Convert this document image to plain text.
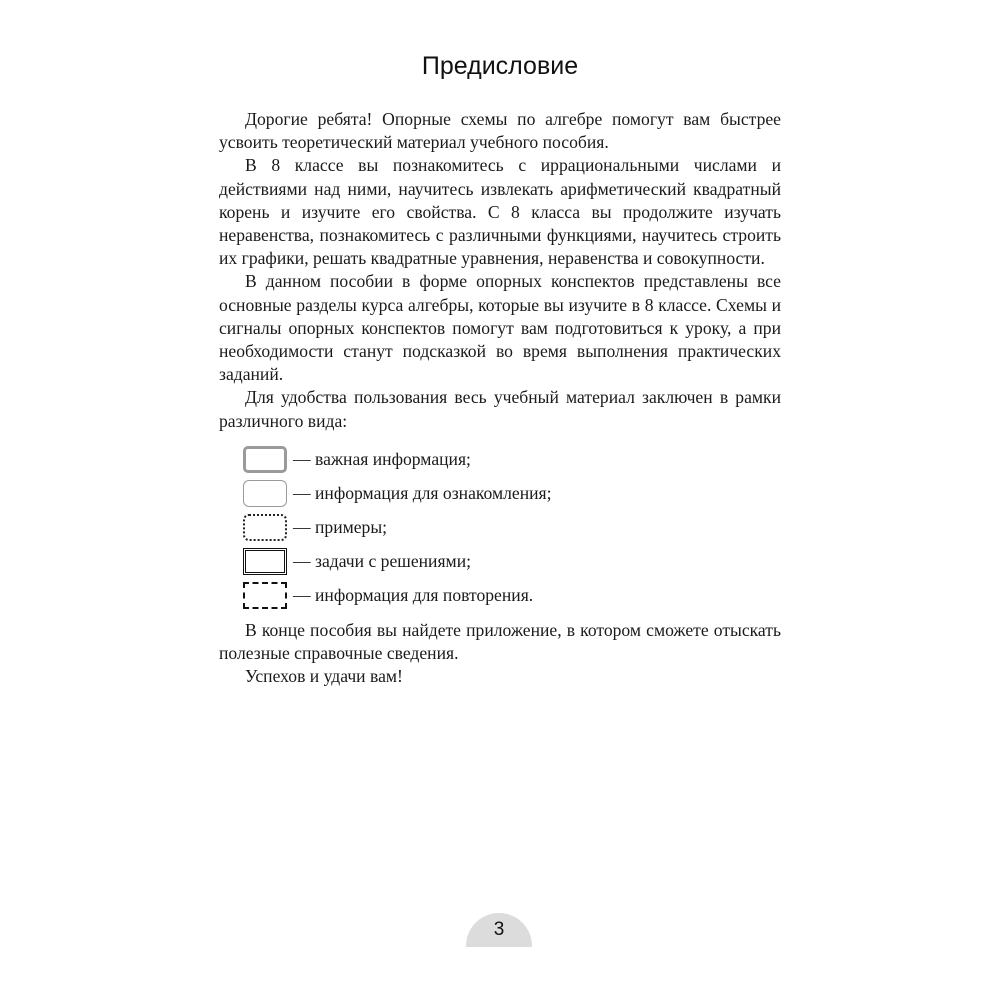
Предисловие

Дорогие ребята! Опорные схемы по алгебре помогут вам быстрее усвоить теоретический материал учебного пособия.

В 8 классе вы познакомитесь с иррациональными числами и действиями над ними, научитесь извлекать арифметический квадратный корень и изучите его свойства. С 8 класса вы продолжите изучать неравенства, познакомитесь с различными функциями, научитесь строить их графики, решать квадратные уравнения, неравенства и совокупности.

В данном пособии в форме опорных конспектов представлены все основные разделы курса алгебры, которые вы изучите в 8 классе. Схемы и сигналы опорных конспектов помогут вам подготовиться к уроку, а при необходимости станут подсказкой во время выполнения практических заданий.

Для удобства пользования весь учебный материал заключен в рамки различного вида:

— важная информация;
— информация для ознакомления;
— примеры;
— задачи с решениями;
— информация для повторения.

В конце пособия вы найдете приложение, в котором сможете отыскать полезные справочные сведения.

Успехов и удачи вам!

3
